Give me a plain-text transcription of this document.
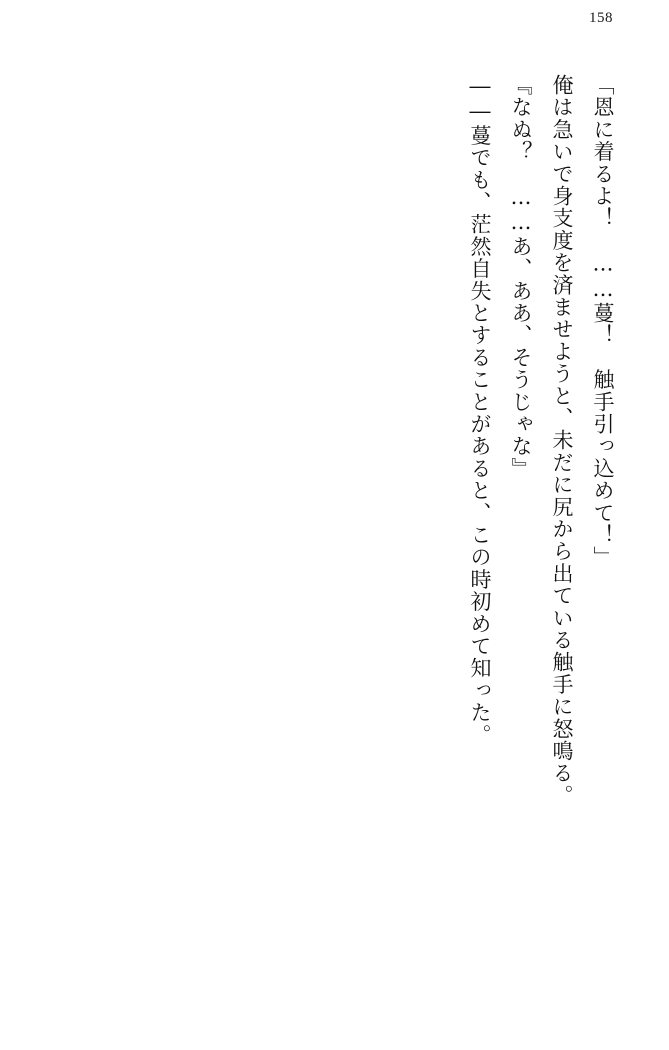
158

「恩に着るよ！　……蔓！　触手引っ込めて！」

俺は急いで身支度を済ませようと、未だに尻から出ている触手に怒鳴る。

『なぬ？　……あ、ああ、そうじゃな』

――蔓でも、茫然自失とすることがあると、この時初めて知った。
